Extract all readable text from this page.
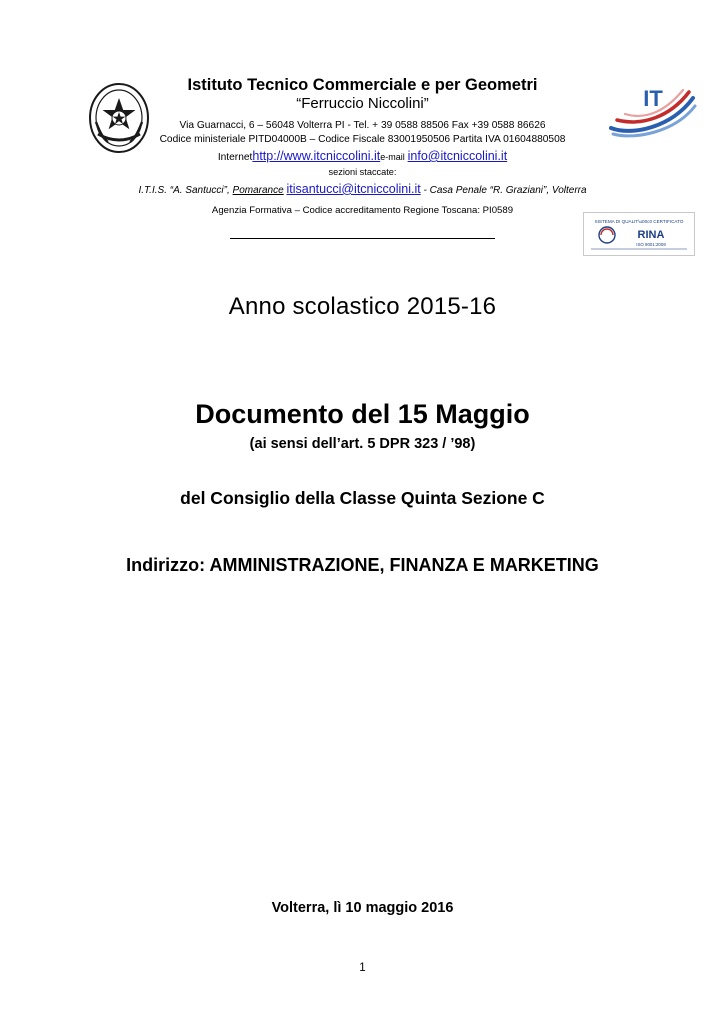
IT
Istituto Tecnico Commerciale e per Geometri
“Ferruccio Niccolini”
Via Guarnacci, 6 – 56048 Volterra PI - Tel. + 39 0588 88506 Fax +39 0588 86626
Codice ministeriale PITD04000B – Codice Fiscale 83001950506 Partita IVA 01604880508
Internethttp://www.itcniccolini.ite-mail info@itcniccolini.it
sezioni staccate:
I.T.I.S. “A. Santucci”, Pomarance itisantucci@itcniccolini.it - Casa Penale “R. Graziani”, Volterra
Agenzia Formativa – Codice accreditamento Regione Toscana: PI0589
SISTEMA DI QUALIT\u00c0 CERTIFICATO
RINA
ISO 9001:2008
Anno scolastico 2015-16
Documento del 15 Maggio
(ai sensi dell’art. 5 DPR 323 / ’98)
del Consiglio della Classe Quinta Sezione C
Indirizzo: AMMINISTRAZIONE, FINANZA E MARKETING
Volterra, lì 10 maggio 2016
1
